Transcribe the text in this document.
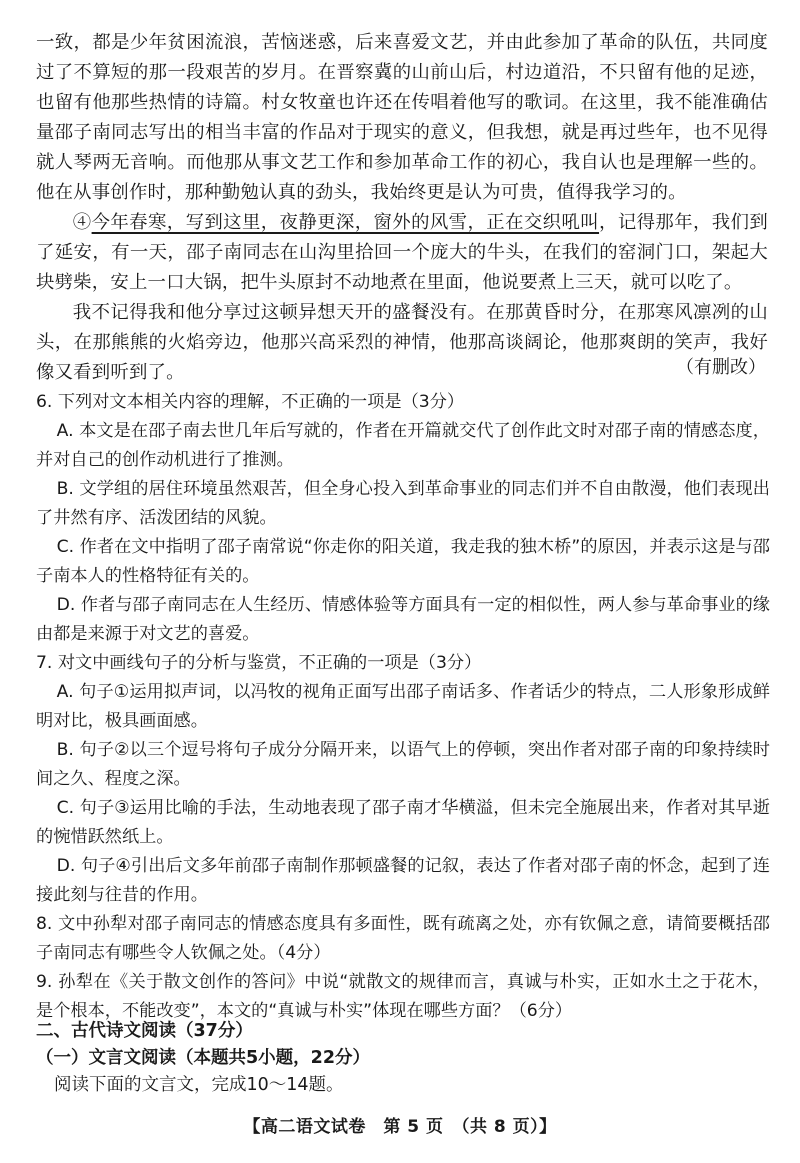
一致，都是少年贫困流浪，苦恼迷惑，后来喜爱文艺，并由此参加了革命的队伍，共同度过了不算短的那一段艰苦的岁月。在晋察冀的山前山后，村边道沿，不只留有他的足迹，也留有他那些热情的诗篇。村女牧童也许还在传唱着他写的歌词。在这里，我不能准确估量邵子南同志写出的相当丰富的作品对于现实的意义，但我想，就是再过些年，也不见得就人琴两无音响。而他那从事文艺工作和参加革命工作的初心，我自认也是理解一些的。他在从事创作时，那种勤勉认真的劲头，我始终更是认为可贵，值得我学习的。

④今年春寒，写到这里，夜静更深，窗外的风雪，正在交织吼叫，记得那年，我们到了延安，有一天，邵子南同志在山沟里拾回一个庞大的牛头，在我们的窑洞门口，架起大块劈柴，安上一口大锅，把牛头原封不动地煮在里面，他说要煮上三天，就可以吃了。

我不记得我和他分享过这顿异想天开的盛餐没有。在那黄昏时分，在那寒风凛冽的山头，在那熊熊的火焰旁边，他那兴高采烈的神情，他那高谈阔论，他那爽朗的笑声，我好像又看到听到了。	（有删改）

6. 下列对文本相关内容的理解，不正确的一项是（3分）

A. 本文是在邵子南去世几年后写就的，作者在开篇就交代了创作此文时对邵子南的情感态度，并对自己的创作动机进行了推测。

B. 文学组的居住环境虽然艰苦，但全身心投入到革命事业的同志们并不自由散漫，他们表现出了井然有序、活泼团结的风貌。

C. 作者在文中指明了邵子南常说“你走你的阳关道，我走我的独木桥”的原因，并表示这是与邵子南本人的性格特征有关的。

D. 作者与邵子南同志在人生经历、情感体验等方面具有一定的相似性，两人参与革命事业的缘由都是来源于对文艺的喜爱。

7. 对文中画线句子的分析与鉴赏，不正确的一项是（3分）

A. 句子①运用拟声词，以冯牧的视角正面写出邵子南话多、作者话少的特点，二人形象形成鲜明对比，极具画面感。

B. 句子②以三个逗号将句子成分分隔开来，以语气上的停顿，突出作者对邵子南的印象持续时间之久、程度之深。

C. 句子③运用比喻的手法，生动地表现了邵子南才华横溢，但未完全施展出来，作者对其早逝的惋惜跃然纸上。

D. 句子④引出后文多年前邵子南制作那顿盛餐的记叙，表达了作者对邵子南的怀念，起到了连接此刻与往昔的作用。

8. 文中孙犁对邵子南同志的情感态度具有多面性，既有疏离之处，亦有钦佩之意，请简要概括邵子南同志有哪些令人钦佩之处。（4分）

9. 孙犁在《关于散文创作的答问》中说“就散文的规律而言，真诚与朴实，正如水土之于花木，是个根本，不能改变”，本文的“真诚与朴实”体现在哪些方面？（6分）

二、古代诗文阅读（37分）
（一）文言文阅读（本题共5小题，22分）
阅读下面的文言文，完成10～14题。
【高二语文试卷　第 5 页　（共 8 页）】
